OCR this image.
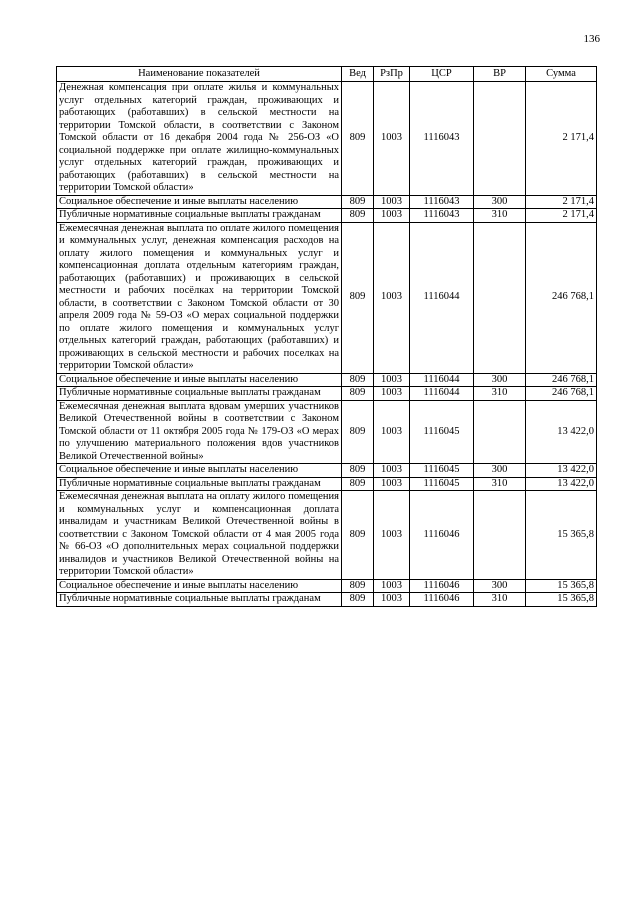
136
Наименование показателей	Вед	РзПр	ЦСР	ВР	Сумма
Денежная компенсация при оплате жилья и коммунальных услуг отдельных категорий граждан, проживающих и работающих (работавших) в сельской местности на территории Томской области, в соответствии с Законом Томской области от 16 декабря 2004 года № 256-ОЗ «О социальной поддержке при оплате жилищно-коммунальных услуг отдельных категорий граждан, проживающих и работающих (работавших) в сельской местности на территории Томской области»	809	1003	1116043		2 171,4
Социальное обеспечение и иные выплаты населению	809	1003	1116043	300	2 171,4
Публичные нормативные социальные выплаты гражданам	809	1003	1116043	310	2 171,4
Ежемесячная денежная выплата по оплате жилого помещения и коммунальных услуг, денежная компенсация расходов на оплату жилого помещения и коммунальных услуг и компенсационная доплата отдельным категориям граждан, работающих (работавших) и проживающих в сельской местности и рабочих посёлках на территории Томской области, в соответствии с Законом Томской области от 30 апреля 2009 года № 59-ОЗ «О мерах социальной поддержки по оплате жилого помещения и коммунальных услуг отдельных категорий граждан, работающих (работавших) и проживающих в сельской местности и рабочих поселках на территории Томской области»	809	1003	1116044		246 768,1
Социальное обеспечение и иные выплаты населению	809	1003	1116044	300	246 768,1
Публичные нормативные социальные выплаты гражданам	809	1003	1116044	310	246 768,1
Ежемесячная денежная выплата вдовам умерших участников Великой Отечественной войны в соответствии с Законом Томской области от 11 октября 2005 года № 179-ОЗ «О мерах по улучшению материального положения вдов участников Великой Отечественной войны»	809	1003	1116045		13 422,0
Социальное обеспечение и иные выплаты населению	809	1003	1116045	300	13 422,0
Публичные нормативные социальные выплаты гражданам	809	1003	1116045	310	13 422,0
Ежемесячная денежная выплата на оплату жилого помещения и коммунальных услуг и компенсационная доплата инвалидам и участникам Великой Отечественной войны в соответствии с Законом Томской области от 4 мая 2005 года № 66-ОЗ «О дополнительных мерах социальной поддержки инвалидов и участников Великой Отечественной войны на территории Томской области»	809	1003	1116046		15 365,8
Социальное обеспечение и иные выплаты населению	809	1003	1116046	300	15 365,8
Публичные нормативные социальные выплаты гражданам	809	1003	1116046	310	15 365,8
